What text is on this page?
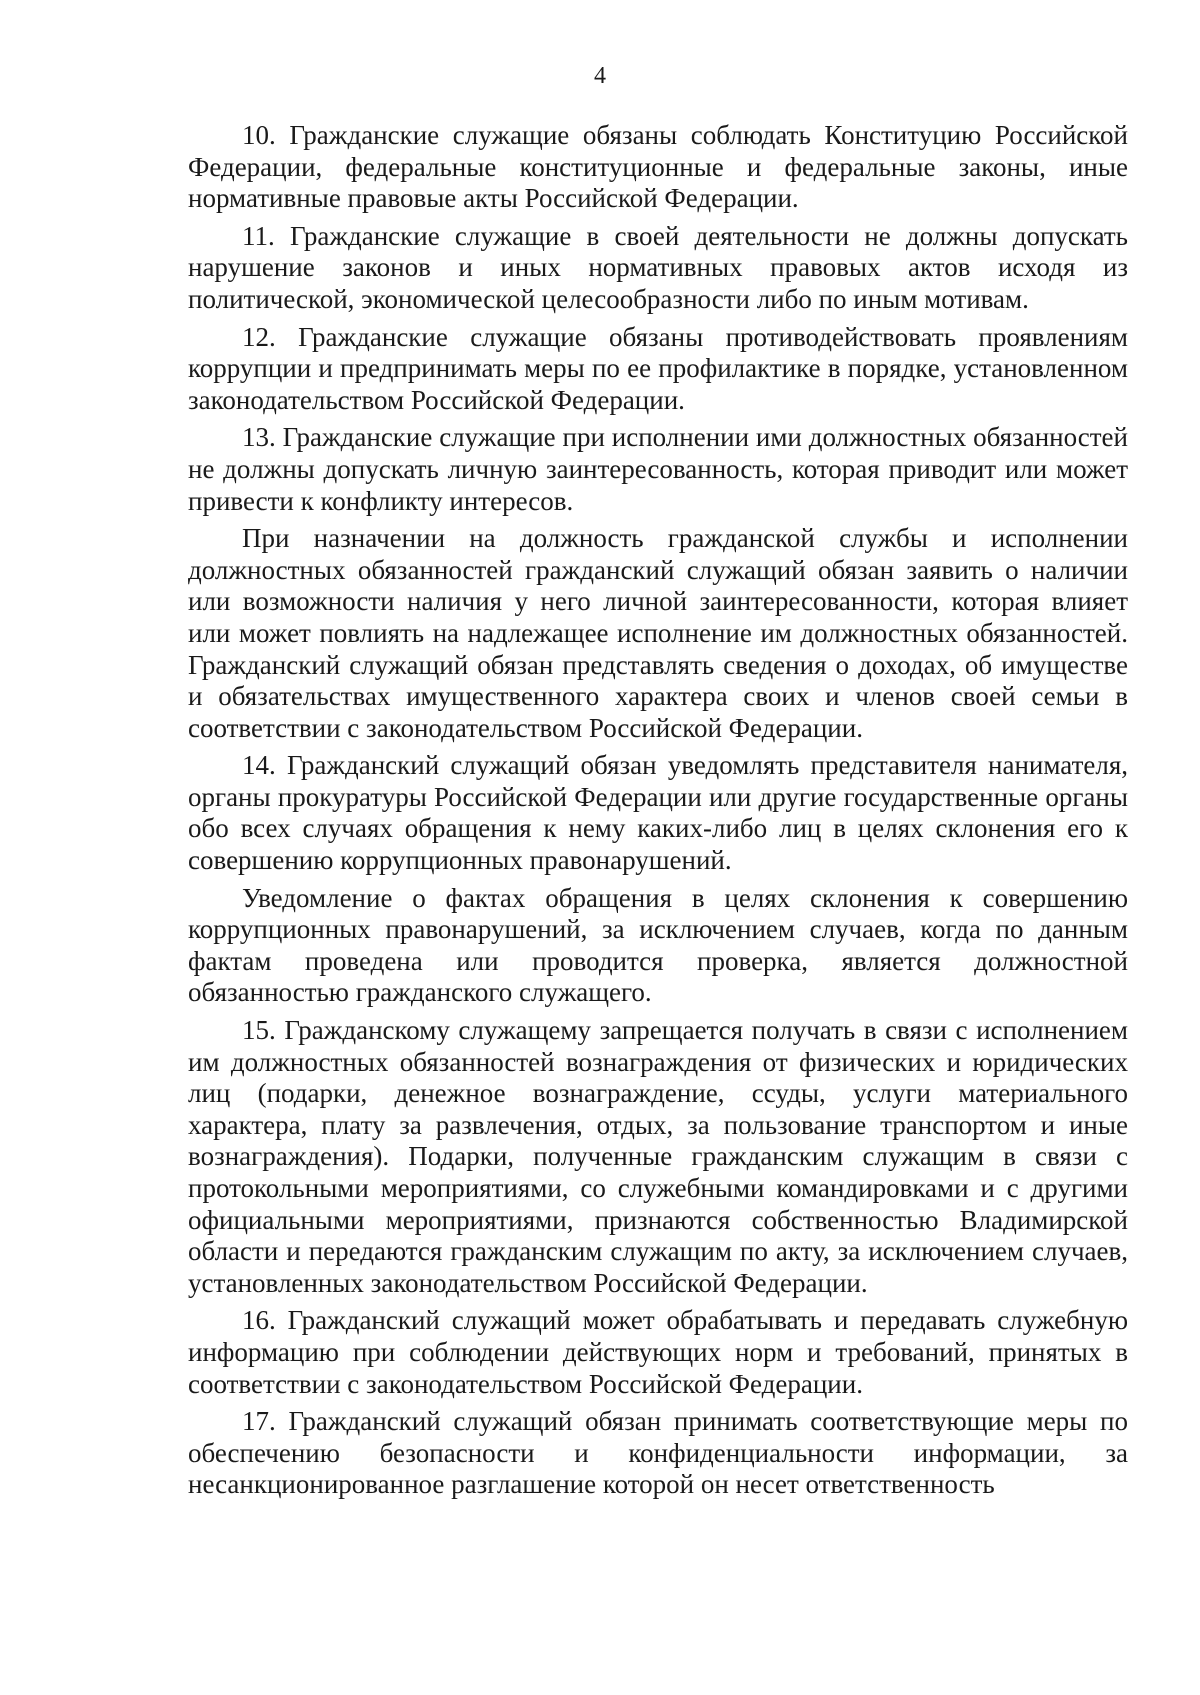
4

10. Гражданские служащие обязаны соблюдать Конституцию Российской Федерации, федеральные конституционные и федеральные законы, иные нормативные правовые акты Российской Федерации.

11. Гражданские служащие в своей деятельности не должны допускать нарушение законов и иных нормативных правовых актов исходя из политической, экономической целесообразности либо по иным мотивам.

12. Гражданские служащие обязаны противодействовать проявлениям коррупции и предпринимать меры по ее профилактике в порядке, установленном законодательством Российской Федерации.

13. Гражданские служащие при исполнении ими должностных обязанностей не должны допускать личную заинтересованность, которая приводит или может привести к конфликту интересов.

При назначении на должность гражданской службы и исполнении должностных обязанностей гражданский служащий обязан заявить о наличии или возможности наличия у него личной заинтересованности, которая влияет или может повлиять на надлежащее исполнение им должностных обязанностей. Гражданский служащий обязан представлять сведения о доходах, об имуществе и обязательствах имущественного характера своих и членов своей семьи в соответствии с законодательством Российской Федерации.

14. Гражданский служащий обязан уведомлять представителя нанимателя, органы прокуратуры Российской Федерации или другие государственные органы обо всех случаях обращения к нему каких-либо лиц в целях склонения его к совершению коррупционных правонарушений.

Уведомление о фактах обращения в целях склонения к совершению коррупционных правонарушений, за исключением случаев, когда по данным фактам проведена или проводится проверка, является должностной обязанностью гражданского служащего.

15. Гражданскому служащему запрещается получать в связи с исполнением им должностных обязанностей вознаграждения от физических и юридических лиц (подарки, денежное вознаграждение, ссуды, услуги материального характера, плату за развлечения, отдых, за пользование транспортом и иные вознаграждения). Подарки, полученные гражданским служащим в связи с протокольными мероприятиями, со служебными командировками и с другими официальными мероприятиями, признаются собственностью Владимирской области и передаются гражданским служащим по акту, за исключением случаев, установленных законодательством Российской Федерации.

16. Гражданский служащий может обрабатывать и передавать служебную информацию при соблюдении действующих норм и требований, принятых в соответствии с законодательством Российской Федерации.

17. Гражданский служащий обязан принимать соответствующие меры по обеспечению безопасности и конфиденциальности информации, за несанкционированное разглашение которой он несет ответственность
